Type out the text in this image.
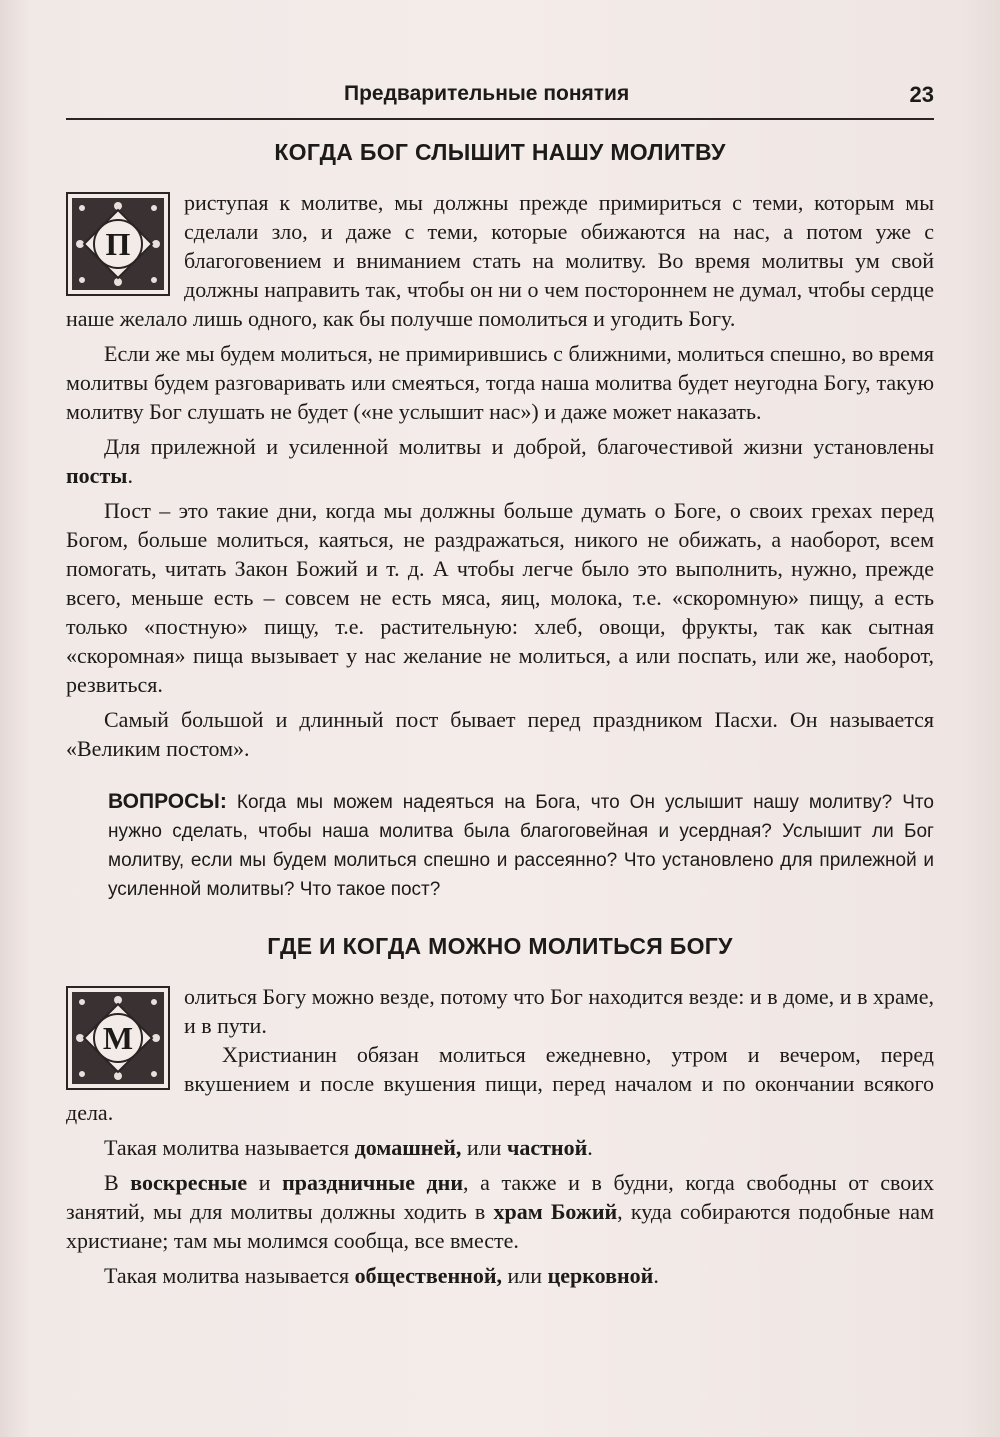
Предварительные понятия	23
КОГДА БОГ СЛЫШИТ НАШУ МОЛИТВУ

П
риступая к молитве, мы должны прежде примириться с теми, которым мы сделали зло, и даже с теми, которые обижаются на нас, а потом уже с благоговением и вниманием стать на молитву. Во время молитвы ум свой должны направить так, чтобы он ни о чем постороннем не думал, чтобы сердце наше желало лишь одного, как бы получше помолиться и угодить Богу.

Если же мы будем молиться, не примирившись с ближними, молиться спешно, во время молитвы будем разговаривать или смеяться, тогда наша молитва будет неугодна Богу, такую молитву Бог слушать не будет («не услышит нас») и даже может наказать.

Для прилежной и усиленной молитвы и доброй, благочестивой жизни установлены посты.

Пост – это такие дни, когда мы должны больше думать о Боге, о своих грехах перед Богом, больше молиться, каяться, не раздражаться, никого не обижать, а наоборот, всем помогать, читать Закон Божий и т. д. А чтобы легче было это выполнить, нужно, прежде всего, меньше есть – совсем не есть мяса, яиц, молока, т.е. «скоромную» пищу, а есть только «постную» пищу, т.е. растительную: хлеб, овощи, фрукты, так как сытная «скоромная» пища вызывает у нас желание не молиться, а или поспать, или же, наоборот, резвиться.

Самый большой и длинный пост бывает перед праздником Пасхи. Он называется «Великим постом».

ВОПРОСЫ: Когда мы можем надеяться на Бога, что Он услышит нашу молитву? Что нужно сделать, чтобы наша молитва была благоговейная и усердная? Услышит ли Бог молитву, если мы будем молиться спешно и рассеянно? Что установлено для прилежной и усиленной молитвы? Что такое пост?

ГДЕ И КОГДА МОЖНО МОЛИТЬСЯ БОГУ

М
олиться Богу можно везде, потому что Бог находится везде: и в доме, и в храме, и в пути.
Христианин обязан молиться ежедневно, утром и вечером, перед вкушением и после вкушения пищи, перед началом и по окончании всякого дела.

Такая молитва называется домашней, или частной.

В воскресные и праздничные дни, а также и в будни, когда свободны от своих занятий, мы для молитвы должны ходить в храм Божий, куда собираются подобные нам христиане; там мы молимся сообща, все вместе.

Такая молитва называется общественной, или церковной.
